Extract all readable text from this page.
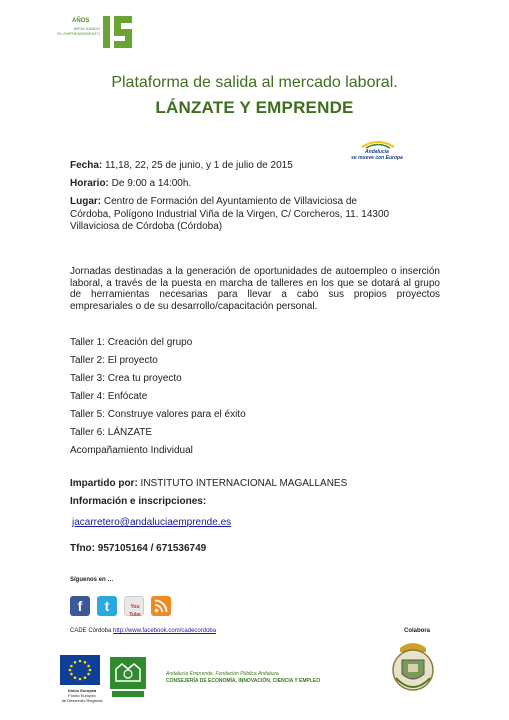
AÑOS
IMPULSANDO
EL EMPRENDIMIENTO
Plataforma de salida al mercado laboral.
LÁNZATE Y EMPRENDE
Andalucía
se mueve con Europa
Fecha: 11,18, 22, 25 de junio, y 1 de julio de 2015
Horario: De 9:00 a 14:00h.
Lugar: Centro de Formación del Ayuntamiento de Villaviciosa de
Córdoba, Polígono Industrial Viña de la Virgen, C/ Corcheros, 11. 14300
Villaviciosa de Córdoba (Córdoba)
Jornadas destinadas a la generación de oportunidades de autoempleo o inserción laboral, a través de la puesta en marcha de talleres en los que se dotará al grupo de herramientas necesarias para llevar a cabo sus propios proyectos empresariales o de su desarrollo/capacitación personal.
Taller 1: Creación del grupo
Taller 2: El proyecto
Taller 3: Crea tu proyecto
Taller 4: Enfócate
Taller 5: Construye valores para el éxito
Taller 6: LÁNZATE
Acompañamiento Individual
Impartido por: INSTITUTO INTERNACIONAL MAGALLANES
Información e inscripciones:
jacarretero@andaluciaemprende.es
Tfno: 957105164 / 671536749
Síguenos en …
f	t	You Tube
CADE Córdoba http://www.facebook.com/cadecordoba	Colabora
Unión Europea
Fondo Europeo
de Desarrollo Regional
Andalucía Emprende, Fundación Pública Andaluza
CONSEJERÍA DE ECONOMÍA, INNOVACIÓN, CIENCIA Y EMPLEO
